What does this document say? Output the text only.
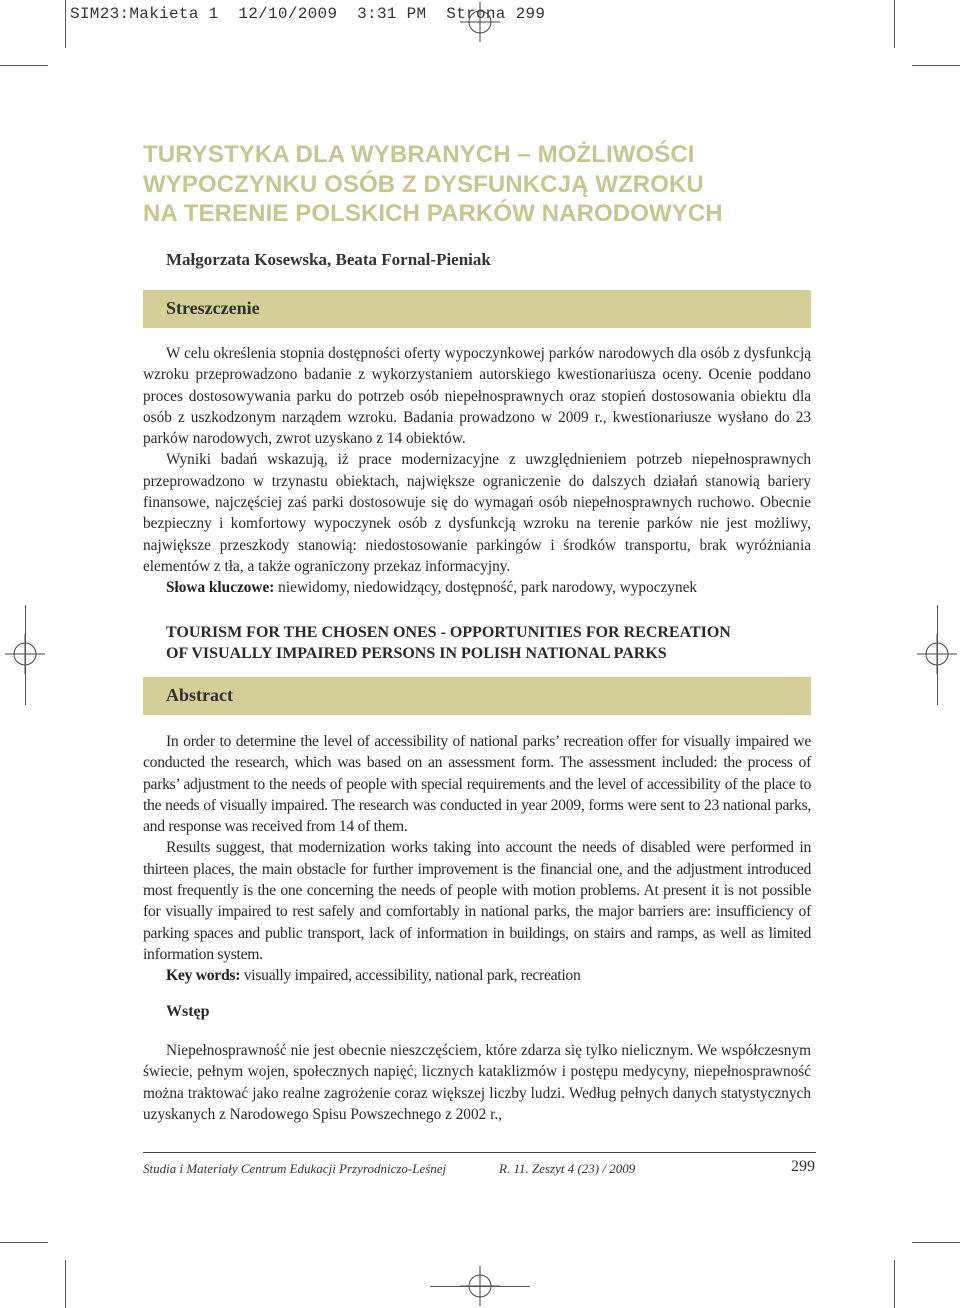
SIM23:Makieta 1  12/10/2009  3:31 PM  Strona 299
TURYSTYKA DLA WYBRANYCH – MOŻLIWOŚCI
WYPOCZYNKU OSÓB Z DYSFUNKCJĄ WZROKU
NA TERENIE POLSKICH PARKÓW NARODOWYCH
Małgorzata Kosewska, Beata Fornal-Pieniak
Streszczenie

W celu określenia stopnia dostępności oferty wypoczynkowej parków narodowych dla osób z dysfunkcją wzroku przeprowadzono badanie z wykorzystaniem autorskiego kwestionariusza oceny. Ocenie poddano proces dostosowywania parku do potrzeb osób niepełnosprawnych oraz stopień dostosowania obiektu dla osób z uszkodzonym narządem wzroku. Badania prowadzono w 2009 r., kwestionariusze wysłano do 23 parków narodowych, zwrot uzyskano z 14 obiektów.

Wyniki badań wskazują, iż prace modernizacyjne z uwzględnieniem potrzeb niepełnosprawnych przeprowadzono w trzynastu obiektach, największe ograniczenie do dalszych działań stanowią bariery finansowe, najczęściej zaś parki dostosowuje się do wymagań osób niepełnosprawnych ruchowo. Obecnie bezpieczny i komfortowy wypoczynek osób z dysfunkcją wzroku na terenie parków nie jest możliwy, największe przeszkody stanowią: niedostosowanie parkingów i środków transportu, brak wyróżniania elementów z tła, a także ograniczony przekaz informacyjny.

Słowa kluczowe: niewidomy, niedowidzący, dostępność, park narodowy, wypoczynek

TOURISM FOR THE CHOSEN ONES - OPPORTUNITIES FOR RECREATION
OF VISUALLY IMPAIRED PERSONS IN POLISH NATIONAL PARKS
Abstract

In order to determine the level of accessibility of national parks’ recreation offer for visually impaired we conducted the research, which was based on an assessment form. The assessment included: the process of parks’ adjustment to the needs of people with special requirements and the level of accessibility of the place to the needs of visually impaired. The research was conducted in year 2009, forms were sent to 23 national parks, and response was received from 14 of them.

Results suggest, that modernization works taking into account the needs of disabled were performed in thirteen places, the main obstacle for further improvement is the financial one, and the adjustment introduced most frequently is the one concerning the needs of people with motion problems. At present it is not possible for visually impaired to rest safely and comfortably in national parks, the major barriers are: insufficiency of parking spaces and public transport, lack of information in buildings, on stairs and ramps, as well as limited information system.

Key words: visually impaired, accessibility, national park, recreation

Wstęp

Niepełnosprawność nie jest obecnie nieszczęściem, które zdarza się tylko nielicznym. We współczesnym świecie, pełnym wojen, społecznych napięć, licznych kataklizmów i postępu medycyny, niepełnosprawność można traktować jako realne zagrożenie coraz większej liczby ludzi. Według pełnych danych statystycznych uzyskanych z Narodowego Spisu Powszechnego z 2002 r.,

Studia i Materiały Centrum Edukacji Przyrodniczo-Leśnej	R. 11. Zeszyt 4 (23) / 2009	299
